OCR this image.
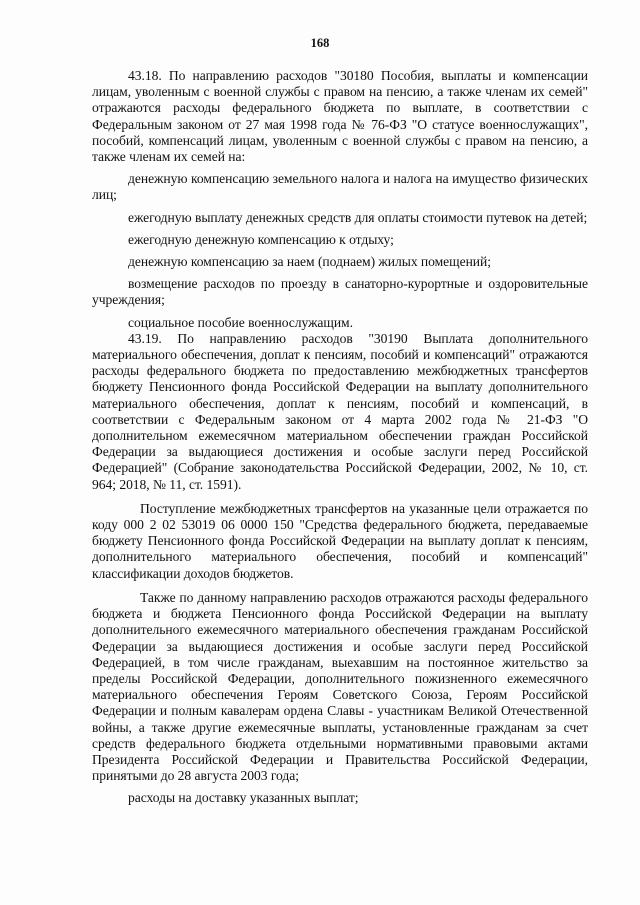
168

43.18. По направлению расходов "30180 Пособия, выплаты и компенсации лицам, уволенным с военной службы с правом на пенсию, а также членам их семей" отражаются расходы федерального бюджета по выплате, в соответствии с Федеральным законом от 27 мая 1998 года № 76-ФЗ "О статусе военнослужащих", пособий, компенсаций лицам, уволенным с военной службы с правом на пенсию, а также членам их семей на:

денежную компенсацию земельного налога и налога на имущество физических лиц;

ежегодную выплату денежных средств для оплаты стоимости путевок на детей;

ежегодную денежную компенсацию к отдыху;

денежную компенсацию за наем (поднаем) жилых помещений;

возмещение расходов по проезду в санаторно-курортные и оздоровительные учреждения;

социальное пособие военнослужащим.

43.19. По направлению расходов "30190 Выплата дополнительного материального обеспечения, доплат к пенсиям, пособий и компенсаций" отражаются расходы федерального бюджета по предоставлению межбюджетных трансфертов бюджету Пенсионного фонда Российской Федерации на выплату дополнительного материального обеспечения, доплат к пенсиям, пособий и компенсаций, в соответствии с Федеральным законом от 4 марта 2002 года № 21-ФЗ "О дополнительном ежемесячном материальном обеспечении граждан Российской Федерации за выдающиеся достижения и особые заслуги перед Российской Федерацией" (Собрание законодательства Российской Федерации, 2002, № 10, ст. 964; 2018, № 11, ст. 1591).

Поступление межбюджетных трансфертов на указанные цели отражается по коду 000 2 02 53019 06 0000 150 "Средства федерального бюджета, передаваемые бюджету Пенсионного фонда Российской Федерации на выплату доплат к пенсиям, дополнительного материального обеспечения, пособий и компенсаций" классификации доходов бюджетов.

Также по данному направлению расходов отражаются расходы федерального бюджета и бюджета Пенсионного фонда Российской Федерации на выплату дополнительного ежемесячного материального обеспечения гражданам Российской Федерации за выдающиеся достижения и особые заслуги перед Российской Федерацией, в том числе гражданам, выехавшим на постоянное жительство за пределы Российской Федерации, дополнительного пожизненного ежемесячного материального обеспечения Героям Советского Союза, Героям Российской Федерации и полным кавалерам ордена Славы - участникам Великой Отечественной войны, а также другие ежемесячные выплаты, установленные гражданам за счет средств федерального бюджета отдельными нормативными правовыми актами Президента Российской Федерации и Правительства Российской Федерации, принятыми до 28 августа 2003 года;

расходы на доставку указанных выплат;
